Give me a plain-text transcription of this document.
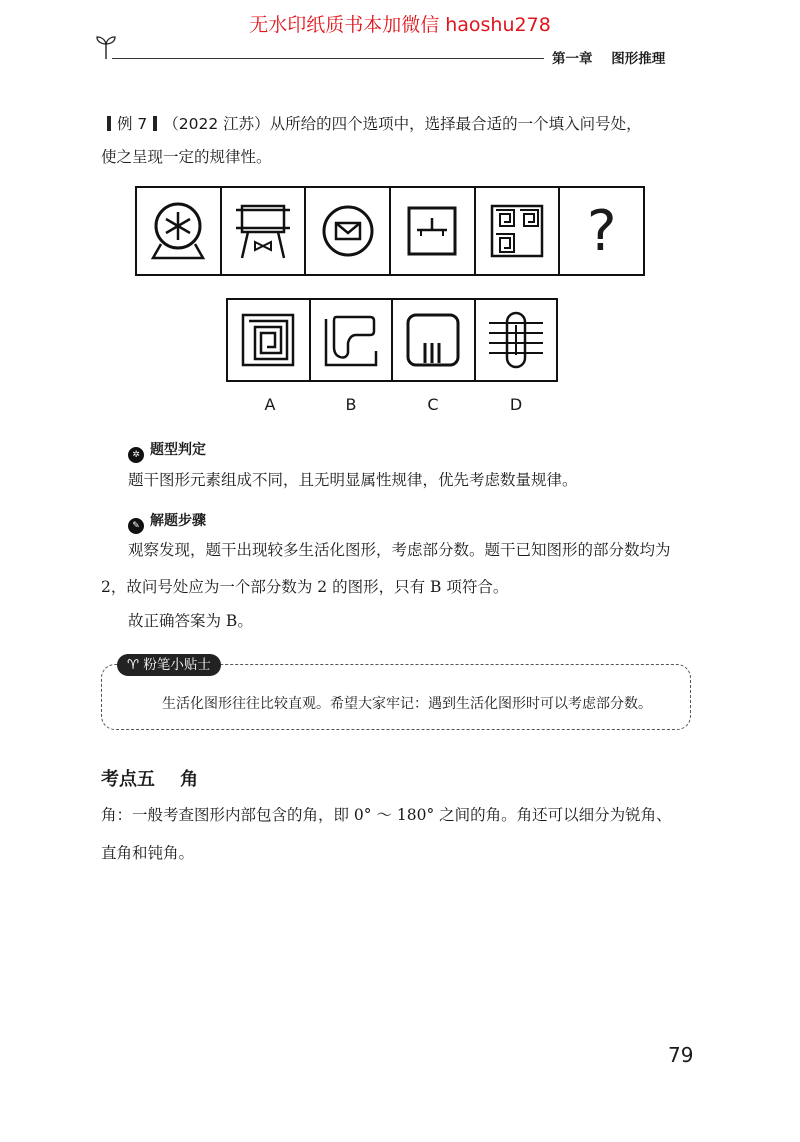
无水印纸质书本加微信 haoshu278
第一章    图形推理
例 7 （2022 江苏）从所给的四个选项中，选择最合适的一个填入问号处，
使之呈现一定的规律性。
?
A	B	C	D
✲ 题型判定
题干图形元素组成不同，且无明显属性规律，优先考虑数量规律。
✎ 解题步骤
观察发现，题干出现较多生活化图形，考虑部分数。题干已知图形的部分数均为
2，故问号处应为一个部分数为 2 的图形，只有 B 项符合。
故正确答案为 B。
♈ 粉笔小贴士
生活化图形往往比较直观。希望大家牢记：遇到生活化图形时可以考虑部分数。
考点五    角
角：一般考查图形内部包含的角，即 0° ～ 180° 之间的角。角还可以细分为锐角、
直角和钝角。
79
